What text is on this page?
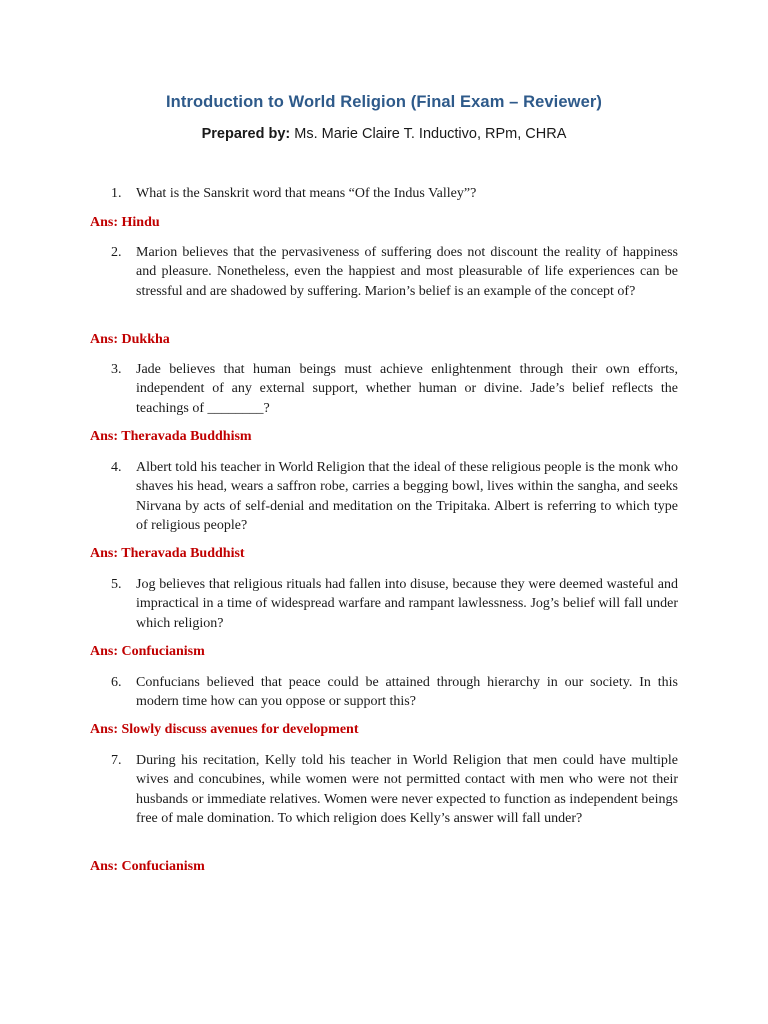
Introduction to World Religion (Final Exam – Reviewer)
Prepared by: Ms. Marie Claire T. Inductivo, RPm, CHRA
1. What is the Sanskrit word that means “Of the Indus Valley”?
Ans: Hindu
2. Marion believes that the pervasiveness of suffering does not discount the reality of happiness and pleasure. Nonetheless, even the happiest and most pleasurable of life experiences can be stressful and are shadowed by suffering. Marion’s belief is an example of the concept of?
Ans: Dukkha
3. Jade believes that human beings must achieve enlightenment through their own efforts, independent of any external support, whether human or divine. Jade’s belief reflects the teachings of ________?
Ans: Theravada Buddhism
4. Albert told his teacher in World Religion that the ideal of these religious people is the monk who shaves his head, wears a saffron robe, carries a begging bowl, lives within the sangha, and seeks Nirvana by acts of self-denial and meditation on the Tripitaka. Albert is referring to which type of religious people?
Ans: Theravada Buddhist
5. Jog believes that religious rituals had fallen into disuse, because they were deemed wasteful and impractical in a time of widespread warfare and rampant lawlessness. Jog’s belief will fall under which religion?
Ans: Confucianism
6. Confucians believed that peace could be attained through hierarchy in our society. In this modern time how can you oppose or support this?
Ans: Slowly discuss avenues for development
7. During his recitation, Kelly told his teacher in World Religion that men could have multiple wives and concubines, while women were not permitted contact with men who were not their husbands or immediate relatives. Women were never expected to function as independent beings free of male domination. To which religion does Kelly’s answer will fall under?
Ans: Confucianism
